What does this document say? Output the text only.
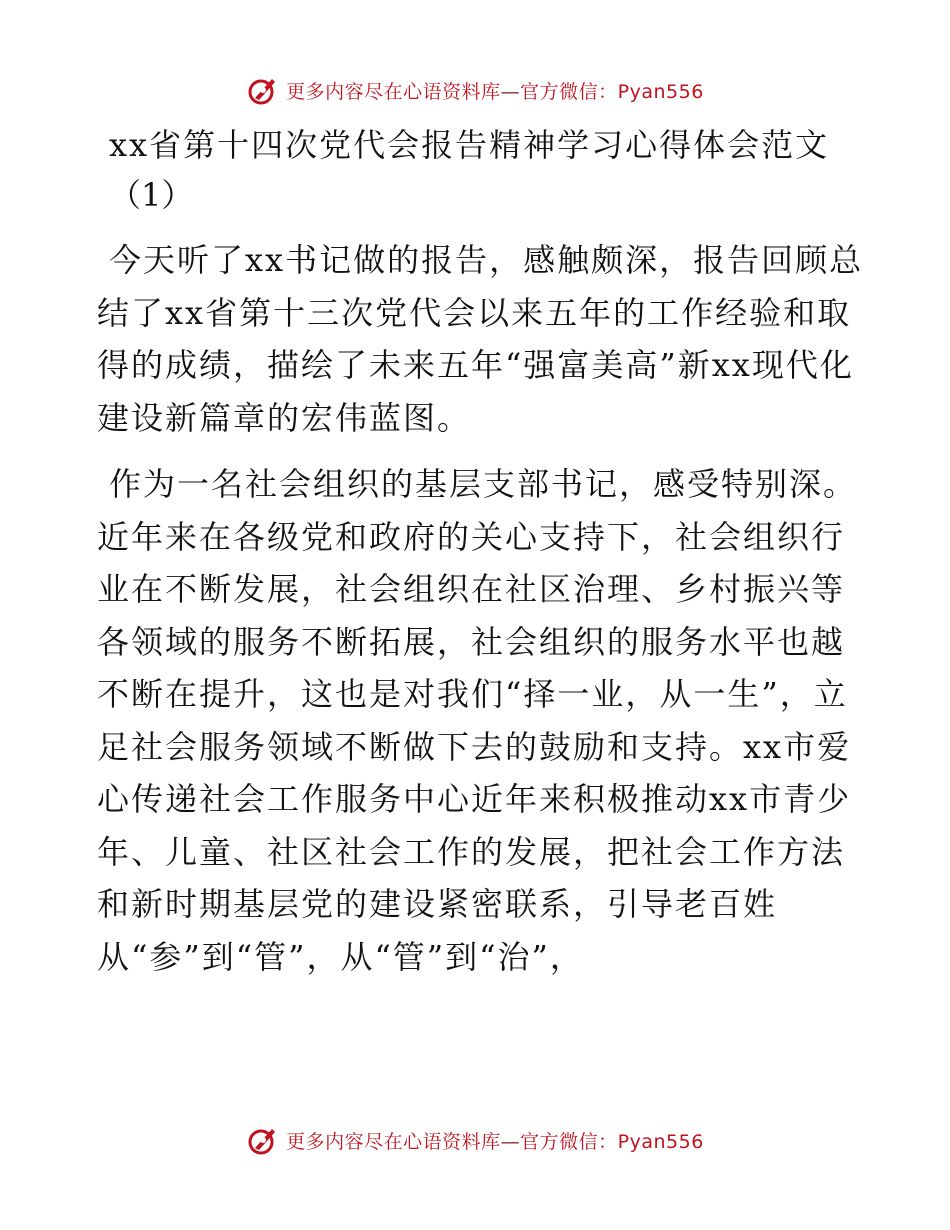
更多内容尽在心语资料库—官方微信：Pyan556
xx省第十四次党代会报告精神学习心得体会范文
（1）

今天听了xx书记做的报告，感触颇深，报告回顾总结了xx省第十三次党代会以来五年的工作经验和取得的成绩，描绘了未来五年“强富美高”新xx现代化建设新篇章的宏伟蓝图。

作为一名社会组织的基层支部书记，感受特别深。近年来在各级党和政府的关心支持下，社会组织行业在不断发展，社会组织在社区治理、乡村振兴等各领域的服务不断拓展，社会组织的服务水平也越不断在提升，这也是对我们“择一业，从一生”，立足社会服务领域不断做下去的鼓励和支持。xx市爱心传递社会工作服务中心近年来积极推动xx市青少年、儿童、社区社会工作的发展，把社会工作方法和新时期基层党的建设紧密联系，引导老百姓从“参”到“管”，从“管”到“治”，

更多内容尽在心语资料库—官方微信：Pyan556
